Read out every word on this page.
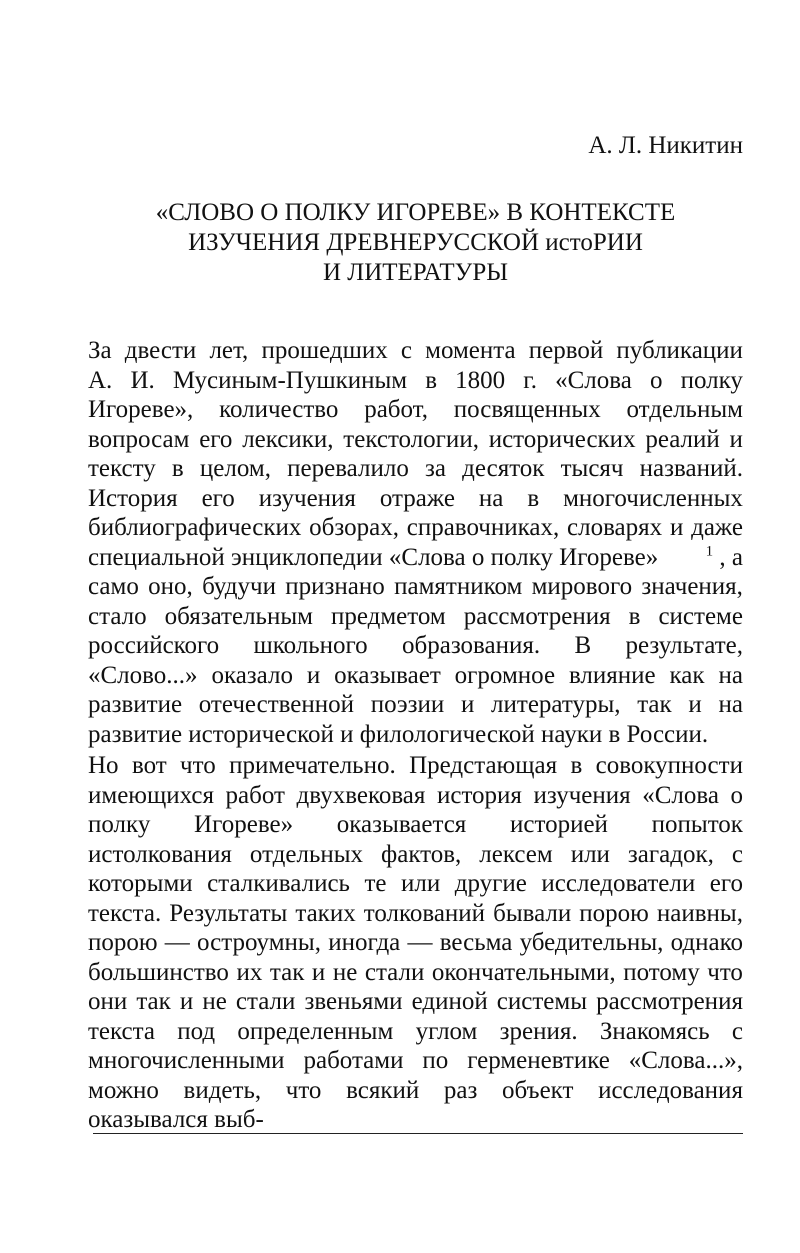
А. Л. Никитин
«СЛОВО О ПОЛКУ ИГОРЕВЕ» В КОНТЕКСТЕ
ИЗУЧЕНИЯ ДРЕВНЕРУССКОЙ истоРИИ
И ЛИТЕРАТУРЫ

За двести лет, прошедших с момента первой публикации
А. И. Мусиным-Пушкиным в 1800 г. «Слова о полку
Игореве», количество работ, посвященных отдельным
вопросам его лексики, текстологии, исторических реалий и
тексту в целом, перевалило за десяток тысяч названий.
История его изучения отраже на в многочисленных
библиографических обзорах, справочниках, словарях и даже
специальной энциклопедии «Слова о полку Игореве»	$^1$ , а
само оно, будучи признано памятником мирового значения,
стало обязательным предметом рассмотрения в системе
российского школьного образования. В результате,
«Слово...» оказало и оказывает огромное влияние как на
развитие отечественной поэзии и литературы, так и на
развитие исторической и филологической науки в России.

Но вот что примечательно. Предстающая в совокупности
имеющихся работ двухвековая история изучения «Слова о
полку Игореве» оказывается историей попыток
истолкования отдельных фактов, лексем или загадок, с
которыми сталкивались те или другие исследователи его
текста. Результаты таких толкований бывали порою наивны,
порою — остроумны, иногда — весьма убедительны, однако
большинство их так и не стали окончательными, потому что
они так и не стали звеньями единой системы рассмотрения
текста под определенным углом зрения. Знакомясь с
многочисленными работами по герменевтике «Слова...»,
можно видеть, что всякий раз объект исследования
оказывался выб-
